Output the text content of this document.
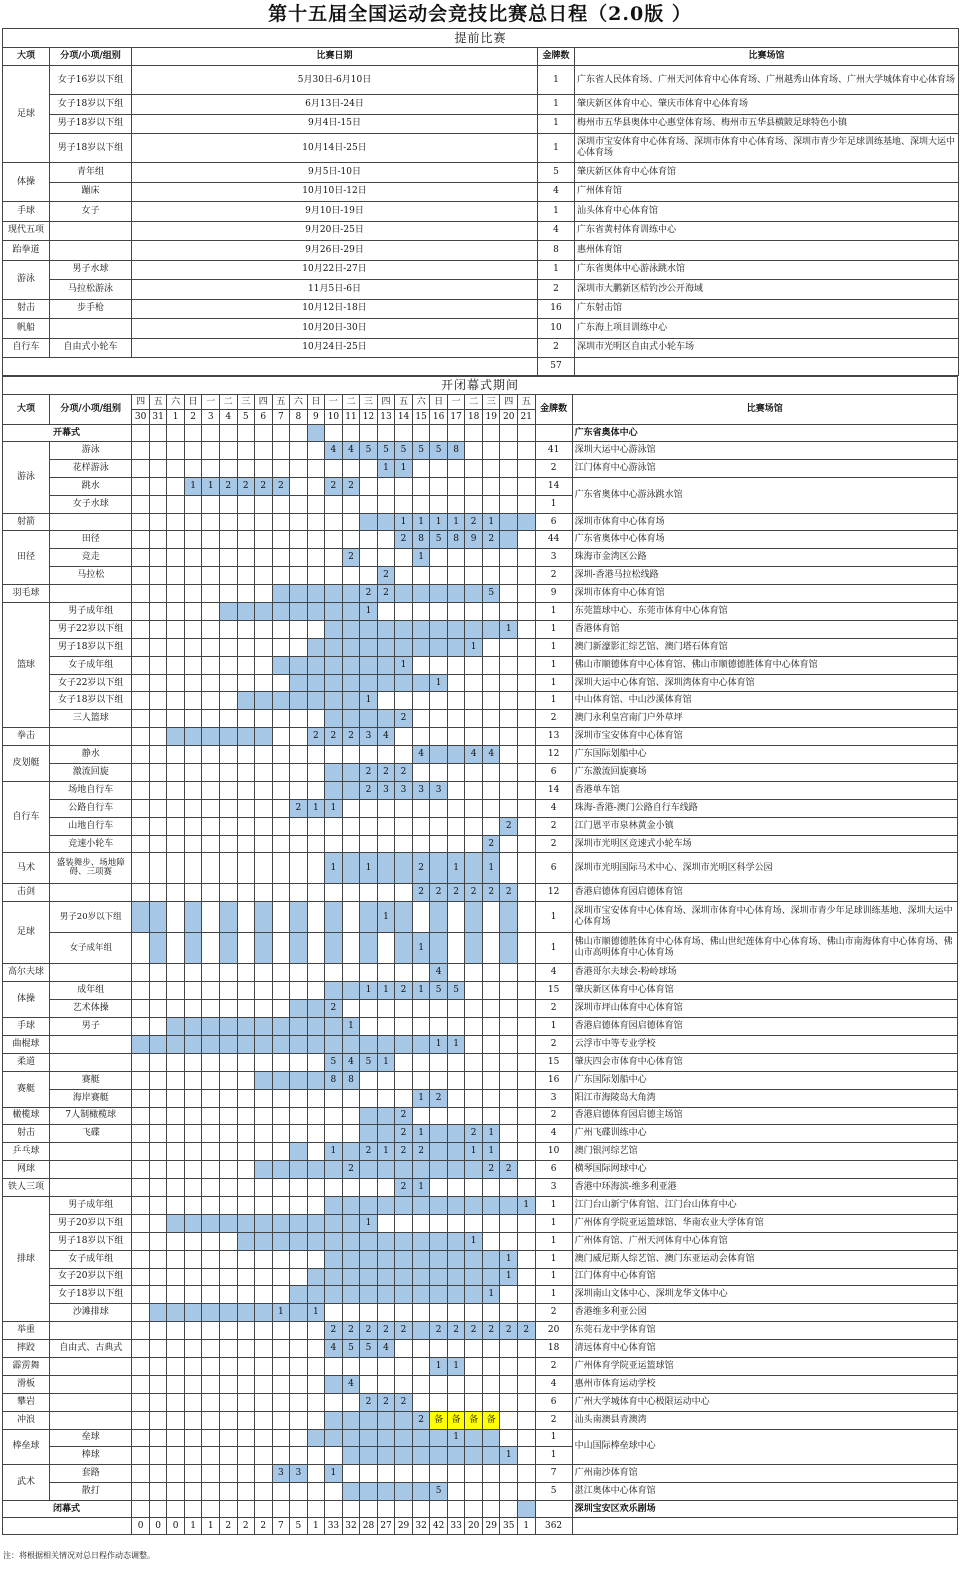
第十五届全国运动会竞技比赛总日程（2.0版 ）
提前比赛				
大项	分项/小项/组别	比赛日期	金牌数	比赛场馆
足球	女子16岁以下组	5月30日-6月10日	1	广东省人民体育场、广州天河体育中心体育场、广州越秀山体育场、广州大学城体育中心体育场
	女子18岁以下组	6月13日-24日	1	肇庆新区体育中心、肇庆市体育中心体育场
	男子18岁以下组	9月4日-15日	1	梅州市五华县奥体中心惠堂体育场、梅州市五华县横陂足球特色小镇
	男子18岁以下组	10月14日-25日	1	深圳市宝安体育中心体育场、深圳市体育中心体育场、深圳市青少年足球训练基地、深圳大运中心体育场
体操	青年组	9月5日-10日	5	肇庆新区体育中心体育馆
	蹦床	10月10日-12日	4	广州体育馆
手球	女子	9月10日-19日	1	汕头体育中心体育馆
现代五项		9月20日-25日	4	广东省黄村体育训练中心
跆拳道		9月26日-29日	8	惠州体育馆
游泳	男子水球	10月22日-27日	1	广东省奥体中心游泳跳水馆
	马拉松游泳	11月5日-6日	2	深圳市大鹏新区桔钓沙公开海域
射击	步手枪	10月12日-18日	16	广东射击馆
帆船		10月20日-30日	10	广东海上项目训练中心
自行车	自由式小轮车	10月24日-25日	2	深圳市光明区自由式小轮车场
			57	
开闭幕式期间																										
大项	分项/小项/组别	四	五	六	日	一	二	三	四	五	六	日	一	二	三	四	五	六	日	一	二	三	四	五	金牌数	比赛场馆
		30	31	1	2	3	4	5	6	7	8	9	10	11	12	13	14	15	16	17	18	19	20	21		
开幕式																										广东省奥体中心
游泳	游泳												4	4	5	5	5	5	5	8					41	深圳大运中心游泳馆
	花样游泳															1	1								2	江门体育中心游泳馆
	跳水				1	1	2	2	2	2			2	2											14	广东省奥体中心游泳跳水馆
	女子水球																								1	
射箭																	1	1	1	1	2	1			6	深圳市体育中心体育场
田径	田径																2	8	5	8	9	2			44	广东省奥体中心体育场
	竞走													2				1							3	珠海市金湾区公路
	马拉松															2									2	深圳-香港马拉松线路
羽毛球															2	2						5			9	深圳市体育中心体育馆
篮球	男子成年组														1										1	东莞篮球中心、东莞市体育中心体育馆
	男子22岁以下组																						1		1	香港体育馆
	男子18岁以下组																				1				1	澳门新濠影汇综艺馆、澳门塔石体育馆
	女子成年组																1								1	佛山市顺德体育中心体育馆、佛山市顺德德胜体育中心体育馆
	女子22岁以下组																		1						1	深圳大运中心体育馆、深圳湾体育中心体育馆
	女子18岁以下组														1										1	中山体育馆、中山沙溪体育馆
	三人篮球																2								2	澳门永利皇宫南门户外草坪
拳击												2	2	2	3	4									13	深圳市宝安体育中心体育馆
皮划艇	静水																	4			4	4			12	广东国际划船中心
	激流回旋														2	2	2								6	广东激流回旋赛场
自行车	场地自行车														2	3	3	3	3						14	香港单车馆
	公路自行车										2	1	1												4	珠海-香港-澳门公路自行车线路
	山地自行车																						2		2	江门恩平市泉林黄金小镇
	竞速小轮车																					2			2	深圳市光明区竞速式小轮车场
马术	盛装舞步、场地障碍、三项赛												1		1			2		1		1			6	深圳市光明国际马术中心、深圳市光明区科学公园
击剑																		2	2	2	2	2	2		12	香港启德体育园启德体育馆
足球	男子20岁以下组															1									1	深圳市宝安体育中心体育场、深圳市体育中心体育场、深圳市青少年足球训练基地、深圳大运中心体育场
	女子成年组																	1							1	佛山市顺德德胜体育中心体育场、佛山世纪莲体育中心体育场、佛山市南海体育中心体育场、佛山市高明体育中心体育场
高尔夫球																			4						4	香港哥尔夫球会-粉岭球场
体操	成年组														1	1	2	1	5	5					15	肇庆新区体育中心体育馆
	艺术体操												2												2	深圳市坪山体育中心体育馆
手球	男子													1											1	香港启德体育园启德体育馆
曲棍球																			1	1					2	云浮市中等专业学校
柔道													5	4	5	1									15	肇庆四会市体育中心体育馆
赛艇	赛艇												8	8											16	广东国际划船中心
	海岸赛艇																	1	2						3	阳江市海陵岛大角湾
橄榄球	7人制橄榄球																2								2	香港启德体育园启德主场馆
射击	飞碟																2	1			2	1			4	广州飞碟训练中心
乒乓球													1		2	1	2	2			1	1			10	澳门银河综艺馆
网球														2								2	2		6	横琴国际网球中心
铁人三项																	2	1							3	香港中环海滨-维多利亚港
排球	男子成年组																							1	1	江门台山新宁体育馆、江门台山体育中心
	男子20岁以下组														1										1	广州体育学院亚运篮球馆、华南农业大学体育馆
	男子18岁以下组																				1				1	广州体育馆、广州天河体育中心体育馆
	女子成年组																						1		1	澳门威尼斯人综艺馆、澳门东亚运动会体育馆
	女子20岁以下组																						1		1	江门体育中心体育馆
	女子18岁以下组																					1			1	深圳南山文体中心、深圳龙华文体中心
	沙滩排球									1		1													2	香港维多利亚公园
举重													2	2	2	2	2		2	2	2	2	2	2	20	东莞石龙中学体育馆
摔跤	自由式、古典式												4	5	5	4									18	清远体育中心体育馆
霹雳舞																			1	1					2	广州体育学院亚运篮球馆
滑板														4											4	惠州市体育运动学校
攀岩															2	2	2								6	广州大学城体育中心极限运动中心
冲浪																		2	备	备	备	备			2	汕头南澳县青澳湾
棒垒球	垒球																			1					1	中山国际棒垒球中心
	棒球																						1		1	
武术	套路									3	3		1												7	广州南沙体育馆
	散打																		5						5	湛江奥体中心体育馆
闭幕式																										深圳宝安区欢乐剧场
		0	0	0	1	1	2	2	2	7	5	1	33	32	28	27	29	32	42	33	20	29	35	1	362	
注：将根据相关情况对总日程作动态调整。
